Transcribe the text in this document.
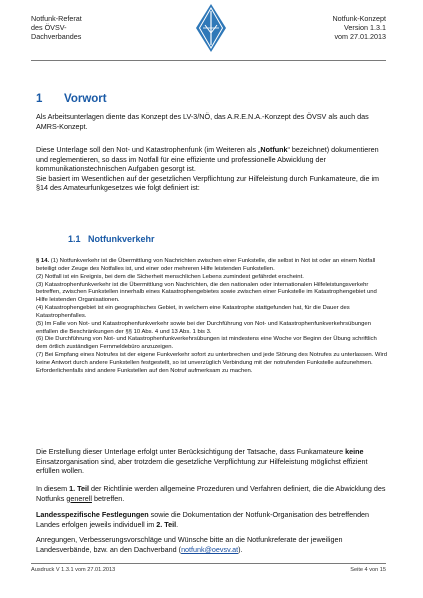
Notfunk-Referat
des ÖVSV-
Dachverbandes
Notfunk-Konzept
Version 1.3.1
vom 27.01.2013
1 Vorwort
Als Arbeitsunterlagen diente das Konzept des LV-3/NÖ, das A.R.E.N.A.-Konzept des ÖVSV als auch das AMRS-Konzept.
Diese Unterlage soll den Not- und Katastrophenfunk (im Weiteren als „Notfunk“ bezeichnet) dokumentieren und reglementieren, so dass im Notfall für eine effiziente und professionelle Abwicklung der kommunikationstechnischen Aufgaben gesorgt ist.
Sie basiert im Wesentlichen auf der gesetzlichen Verpflichtung zur Hilfeleistung durch Funkamateure, die im §14 des Amateurfunkgesetzes wie folgt definiert ist:
1.1 Notfunkverkehr
§ 14. (1) Notfunkverkehr ist die Übermittlung von Nachrichten zwischen einer Funkstelle, die selbst in Not ist oder an einem Notfall beteiligt oder Zeuge des Notfalles ist, und einer oder mehreren Hilfe leistenden Funkstellen.
(2) Notfall ist ein Ereignis, bei dem die Sicherheit menschlichen Lebens zumindest gefährdet erscheint.
(3) Katastrophenfunkverkehr ist die Übermittlung von Nachrichten, die den nationalen oder internationalen Hilfeleistungsverkehr betreffen, zwischen Funkstellen innerhalb eines Katastrophengebietes sowie zwischen einer Funkstelle im Katastrophengebiet und Hilfe leistenden Organisationen.
(4) Katastrophengebiet ist ein geographisches Gebiet, in welchem eine Katastrophe stattgefunden hat, für die Dauer des Katastrophenfalles.
(5) Im Falle von Not- und Katastrophenfunkverkehr sowie bei der Durchführung von Not- und Katastrophenfunkverkehrsübungen entfallen die Beschränkungen der §§ 10 Abs. 4 und 13 Abs. 1 bis 3.
(6) Die Durchführung von Not- und Katastrophenfunkverkehrsübungen ist mindestens eine Woche vor Beginn der Übung schriftlich dem örtlich zuständigen Fernmeldebüro anzuzeigen.
(7) Bei Empfang eines Notrufes ist der eigene Funkverkehr sofort zu unterbrechen und jede Störung des Notrufes zu unterlassen. Wird keine Antwort durch andere Funkstellen festgestellt, so ist unverzüglich Verbindung mit der notrufenden Funkstelle aufzunehmen. Erforderlichenfalls sind andere Funkstellen auf den Notruf aufmerksam zu machen.
Die Erstellung dieser Unterlage erfolgt unter Berücksichtigung der Tatsache, dass Funkamateure keine Einsatzorganisation sind, aber trotzdem die gesetzliche Verpflichtung zur Hilfeleistung möglichst effizient erfüllen wollen.
In diesem 1. Teil der Richtlinie werden allgemeine Prozeduren und Verfahren definiert, die die Abwicklung des Notfunks generell betreffen.
Landesspezifische Festlegungen sowie die Dokumentation der Notfunk-Organisation des betreffenden Landes erfolgen jeweils individuell im 2. Teil.
Anregungen, Verbesserungsvorschläge und Wünsche bitte an die Notfunkreferate der jeweiligen Landesverbände, bzw. an den Dachverband (notfunk@oevsv.at).
Ausdruck V 1.3.1 vom 27.01.2013	Seite 4 von 15
